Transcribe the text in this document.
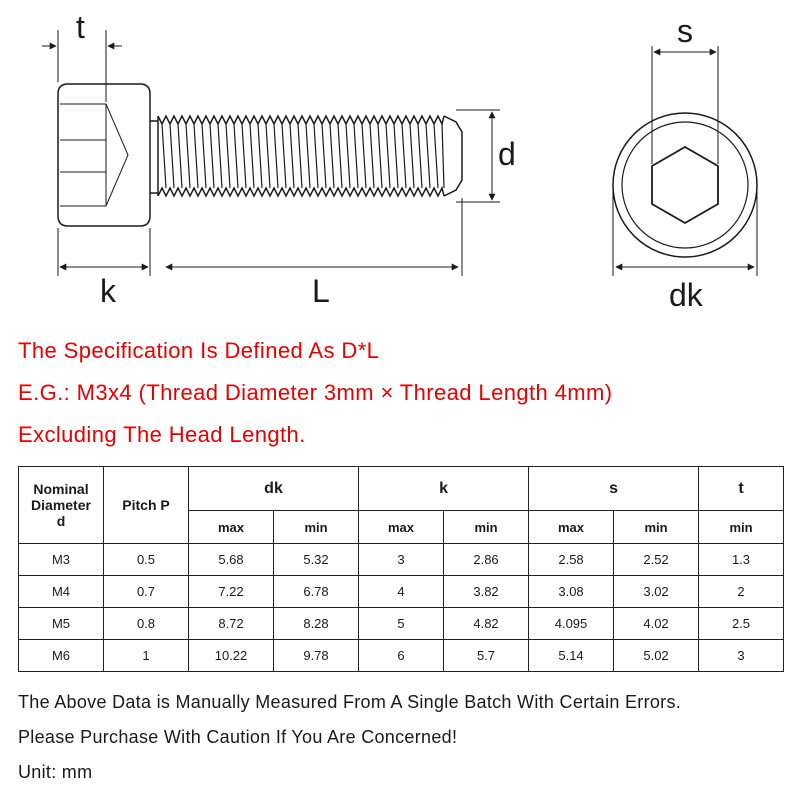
t
k	L
d
s
dk
The Specification Is Defined As D*L
E.G.: M3x4 (Thread Diameter 3mm × Thread Length 4mm)
Excluding The Head Length.
Nominal
Diameter
d	Pitch P	dk		k		s		t
		max	min	max	min	max	min	min
M3	0.5	5.68	5.32	3	2.86	2.58	2.52	1.3
M4	0.7	7.22	6.78	4	3.82	3.08	3.02	2
M5	0.8	8.72	8.28	5	4.82	4.095	4.02	2.5
M6	1	10.22	9.78	6	5.7	5.14	5.02	3
The Above Data is Manually Measured From A Single Batch With Certain Errors.
Please Purchase With Caution If You Are Concerned!
Unit: mm
